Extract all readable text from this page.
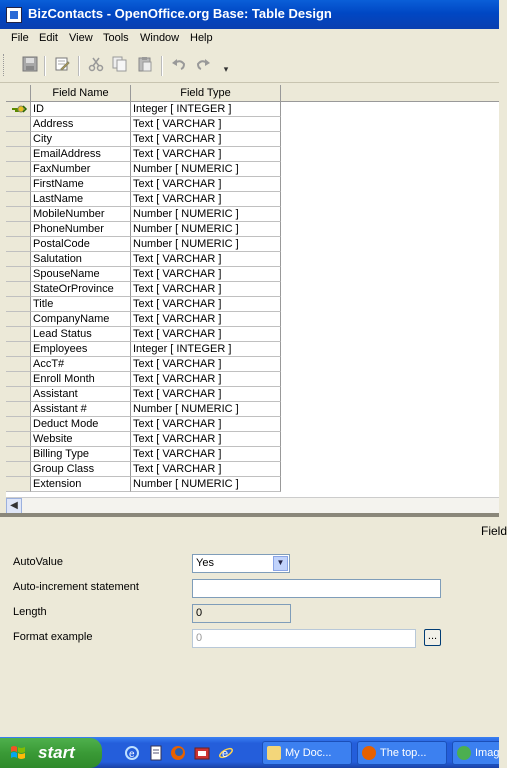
BizContacts - OpenOffice.org Base: Table Design
File Edit View Tools Window Help
▾
Field Name	Field Type
ID	Integer [ INTEGER ]
Address	Text [ VARCHAR ]
City	Text [ VARCHAR ]
EmailAddress	Text [ VARCHAR ]
FaxNumber	Number [ NUMERIC ]
FirstName	Text [ VARCHAR ]
LastName	Text [ VARCHAR ]
MobileNumber	Number [ NUMERIC ]
PhoneNumber	Number [ NUMERIC ]
PostalCode	Number [ NUMERIC ]
Salutation	Text [ VARCHAR ]
SpouseName	Text [ VARCHAR ]
StateOrProvince	Text [ VARCHAR ]
Title	Text [ VARCHAR ]
CompanyName	Text [ VARCHAR ]
Lead Status	Text [ VARCHAR ]
Employees	Integer [ INTEGER ]
AccT#	Text [ VARCHAR ]
Enroll Month	Text [ VARCHAR ]
Assistant	Text [ VARCHAR ]
Assistant #	Number [ NUMERIC ]
Deduct Mode	Text [ VARCHAR ]
Website	Text [ VARCHAR ]
Billing Type	Text [ VARCHAR ]
Group Class	Text [ VARCHAR ]
Extension	Number [ NUMERIC ]
◀
Field
AutoValue	Yes	▼
Auto-increment statement
Length	0
Format example	0	...
start	e	e	My Doc...	The top...	Imag
